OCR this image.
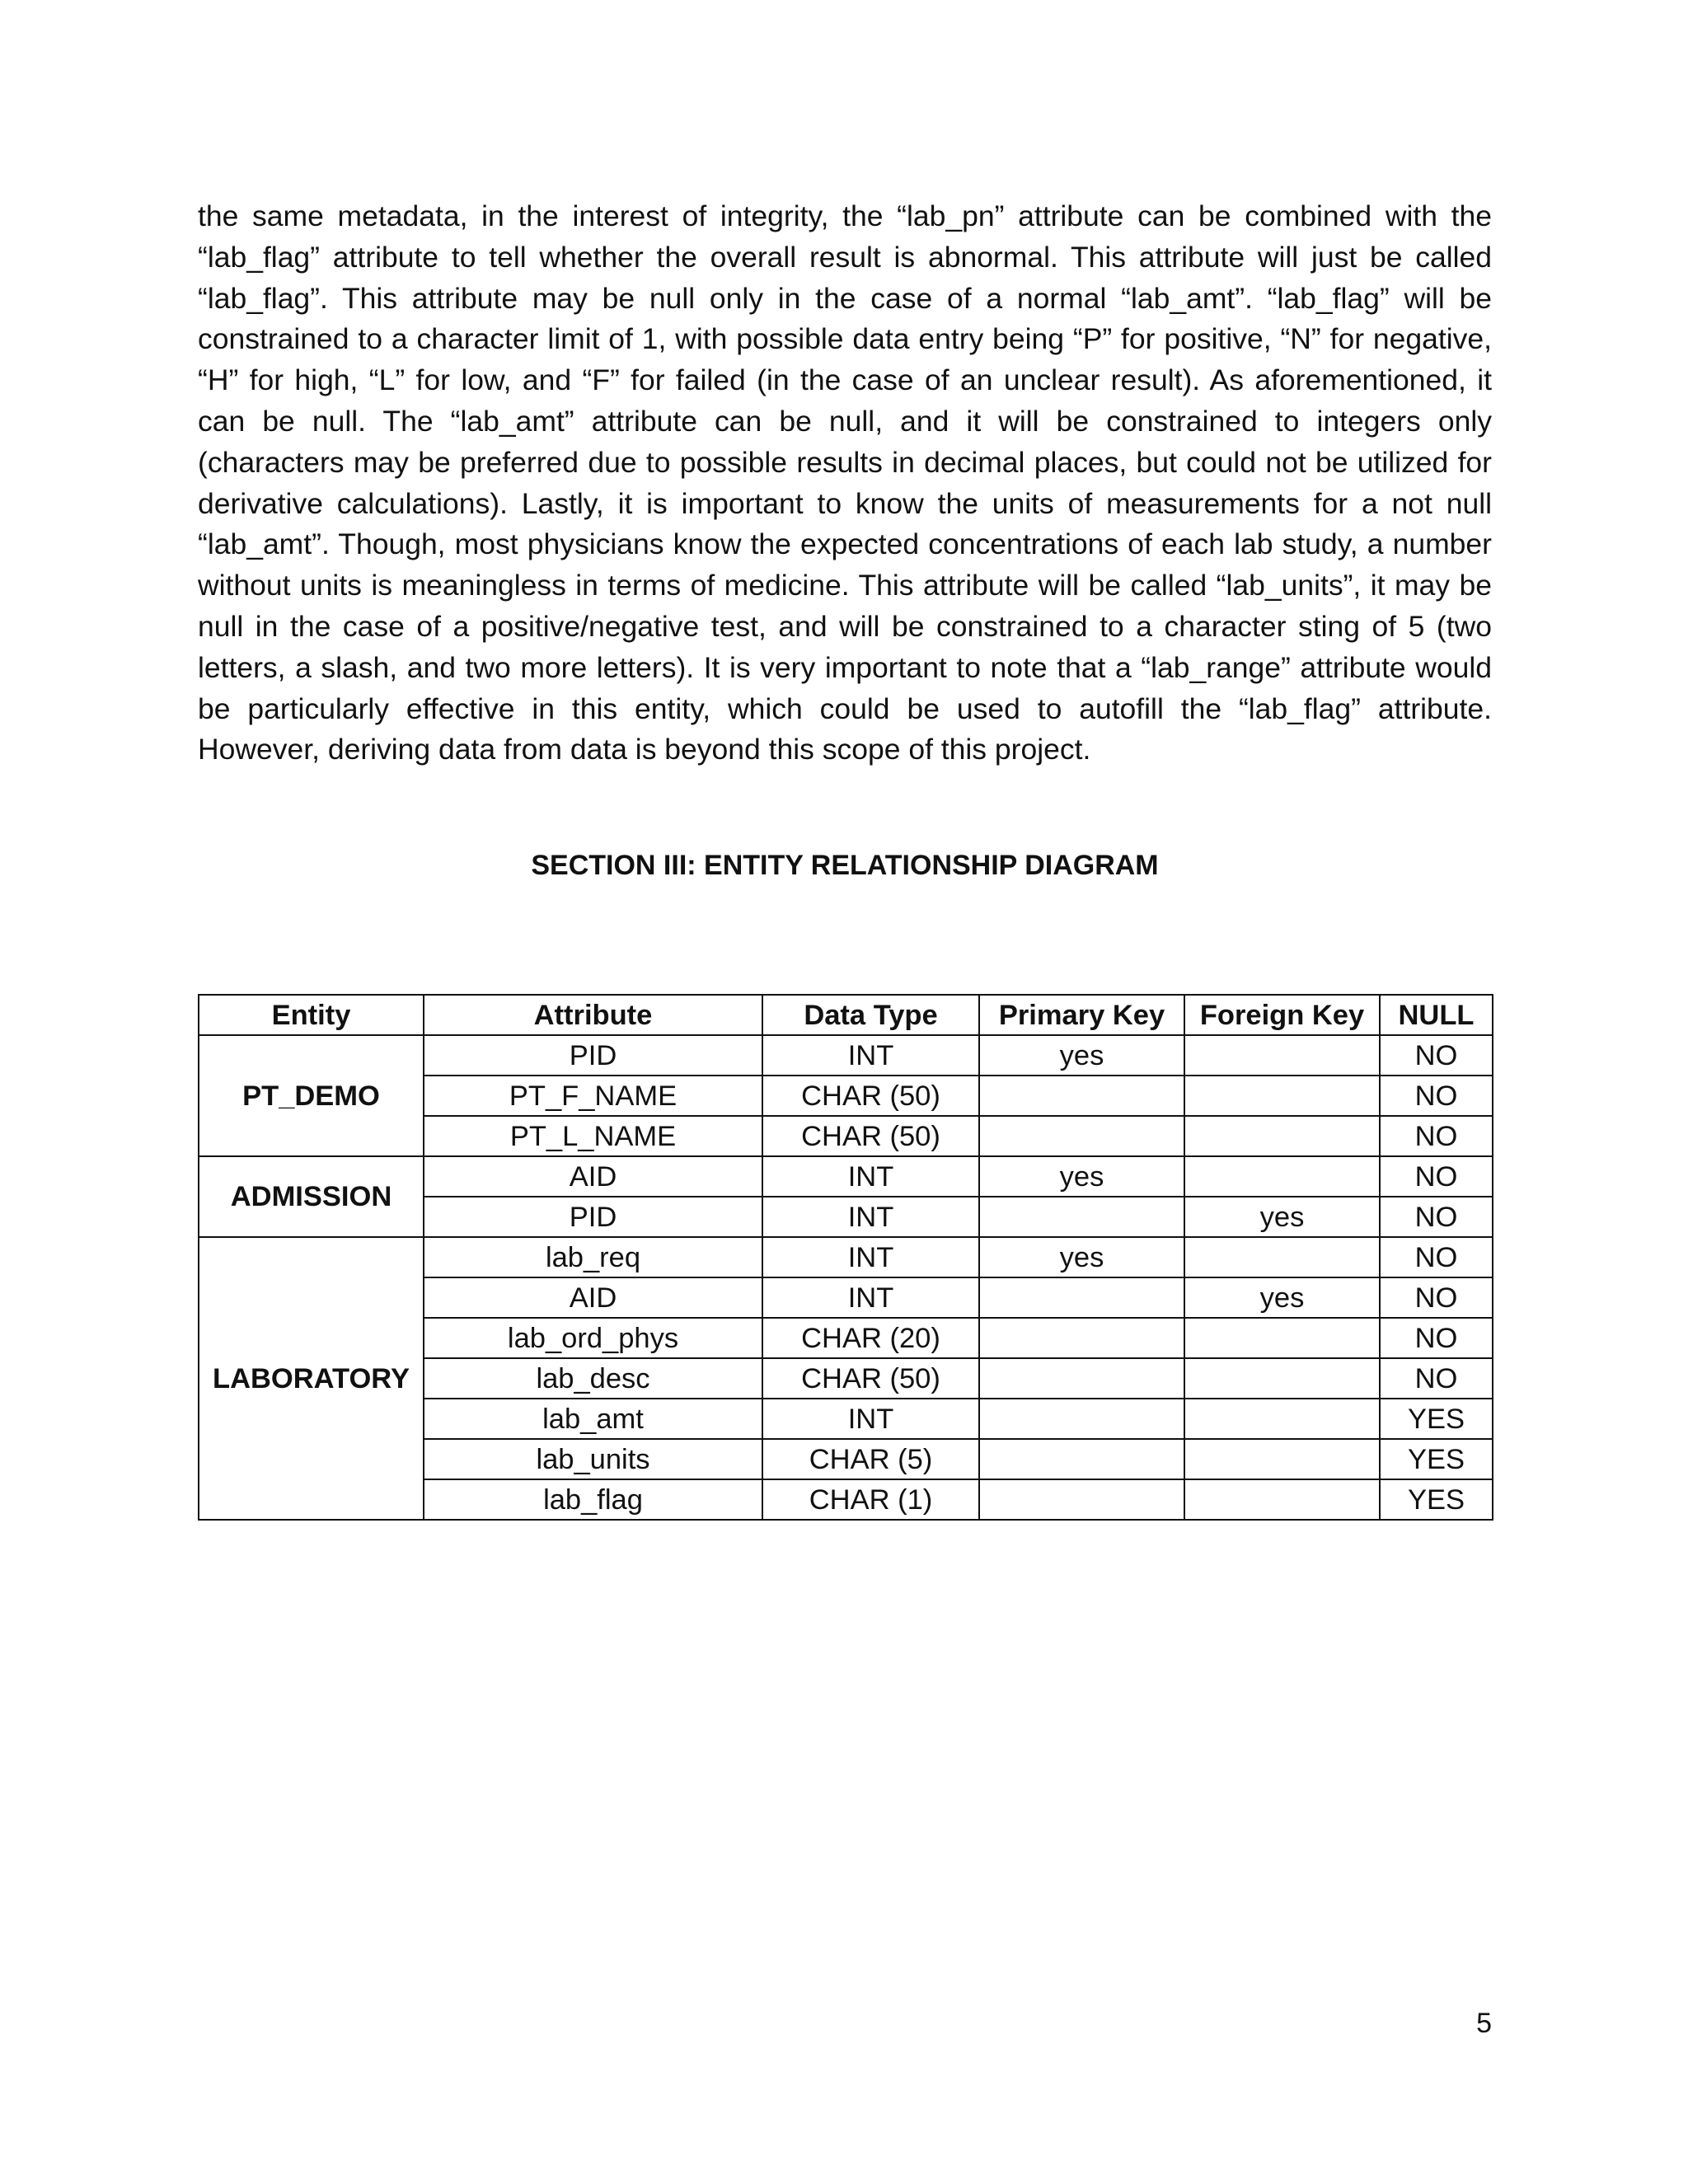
the same metadata, in the interest of integrity, the “lab_pn” attribute can be combined with the “lab_flag” attribute to tell whether the overall result is abnormal. This attribute will just be called “lab_flag”. This attribute may be null only in the case of a normal “lab_amt”. “lab_flag” will be constrained to a character limit of 1, with possible data entry being “P” for positive, “N” for negative, “H” for high, “L” for low, and “F” for failed (in the case of an unclear result). As aforementioned, it can be null. The “lab_amt” attribute can be null, and it will be constrained to integers only (characters may be preferred due to possible results in decimal places, but could not be utilized for derivative calculations). Lastly, it is important to know the units of measurements for a not null “lab_amt”. Though, most physicians know the expected concentrations of each lab study, a number without units is meaningless in terms of medicine. This attribute will be called “lab_units”, it may be null in the case of a positive/negative test, and will be constrained to a character sting of 5 (two letters, a slash, and two more letters). It is very important to note that a “lab_range” attribute would be particularly effective in this entity, which could be used to autofill the “lab_flag” attribute. However, deriving data from data is beyond this scope of this project.

SECTION III: ENTITY RELATIONSHIP DIAGRAM
Entity	Attribute	Data Type	Primary Key	Foreign Key	NULL
PT_DEMO	PID	INT	yes		NO
	PT_F_NAME	CHAR (50)			NO
	PT_L_NAME	CHAR (50)			NO
ADMISSION	AID	INT	yes		NO
	PID	INT		yes	NO
LABORATORY	lab_req	INT	yes		NO
	AID	INT		yes	NO
	lab_ord_phys	CHAR (20)			NO
	lab_desc	CHAR (50)			NO
	lab_amt	INT			YES
	lab_units	CHAR (5)			YES
	lab_flag	CHAR (1)			YES
5
